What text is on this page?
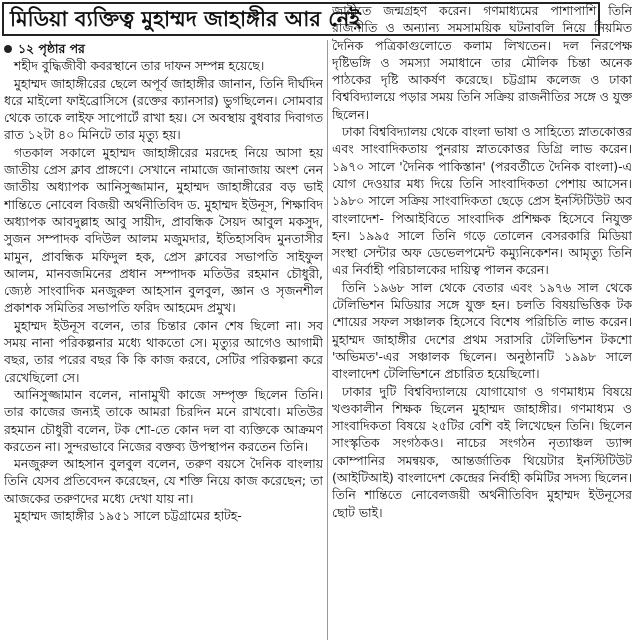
মিডিয়া ব্যক্তিত্ব মুহাম্মদ জাহাঙ্গীর আর নেই

১২ পৃষ্ঠার পর

শহীদ বুদ্ধিজীবী কবরস্থানে তার দাফন সম্পন্ন হয়েছে।

মুহাম্মদ জাহাঙ্গীরের ছেলে অপূর্ব জাহাঙ্গীর জানান, তিনি দীর্ঘদিন ধরে মাইলো ফাইব্রোসিসে (রক্তের ক্যানসার) ভুগছিলেন। সোমবার থেকে তাকে লাইফ সাপোর্টে রাখা হয়। সে অবস্থায় বুধবার দিবাগত রাত ১২টা ৪০ মিনিটে তার মৃত্যু হয়।

গতকাল সকালে মুহাম্মদ জাহাঙ্গীরের মরদেহ নিয়ে আসা হয় জাতীয় প্রেস ক্লাব প্রাঙ্গণে। সেখানে নামাজে জানাজায় অংশ নেন জাতীয় অধ্যাপক আনিসুজ্জামান, মুহাম্মদ জাহাঙ্গীরের বড় ভাই শান্তিতে নোবেল বিজয়ী অর্থনীতিবিদ ড. মুহাম্মদ ইউনূস, শিক্ষাবিদ অধ্যাপক আবদুল্লাহ আবু সায়ীদ, প্রাবন্ধিক সৈয়দ আবুল মকসুদ, সুজন সম্পাদক বদিউল আলম মজুমদার, ইতিহাসবিদ মুনতাসীর মামুন, প্রাবন্ধিক মফিদুল হক, প্রেস ক্লাবের সভাপতি সাইফুল আলম, মানবজমিনের প্রধান সম্পাদক মতিউর রহমান চৌধুরী, জ্যেষ্ঠ সাংবাদিক মনজুরুল আহসান বুলবুল, জ্ঞান ও সৃজনশীল প্রকাশক সমিতির সভাপতি ফরিদ আহমেদ প্রমুখ।

মুহাম্মদ ইউনূস বলেন, তার চিন্তার কোন শেষ ছিলো না। সব সময় নানা পরিকল্পনার মধ্যে থাকতো সে। মৃত্যুর আগেও আগামী বছর, তার পরের বছর কি কি কাজ করবে, সেটির পরিকল্পনা করে রেখেছিলো সে।

আনিসুজ্জামান বলেন, নানামুখী কাজে সম্পৃক্ত ছিলেন তিনি। তার কাজের জন্যই তাকে আমরা চিরদিন মনে রাখবো। মতিউর রহমান চৌধুরী বলেন, টক শো-তে কোন দল বা ব্যক্তিকে আক্রমণ করতেন না। সুন্দরভাবে নিজের বক্তব্য উপস্থাপন করতেন তিনি।

মনজুরুল আহসান বুলবুল বলেন, তরুণ বয়সে দৈনিক বাংলায় তিনি যেসব প্রতিবেদন করেছেন, যে শক্তি নিয়ে কাজ করেছেন; তা আজকের তরুণদের মধ্যে দেখা যায় না।

মুহাম্মদ জাহাঙ্গীর ১৯৫১ সালে চট্টগ্রামের হাটহ-

জারীতে জন্মগ্রহণ করেন। গণমাধ্যমের পাশাপাশি তিনি রাজনীতি ও অন্যান্য সমসাময়িক ঘটনাবলি নিয়ে নিয়মিত দৈনিক পত্রিকাগুলোতে কলাম লিখতেন। দল নিরপেক্ষ দৃষ্টিভঙ্গি ও সমস্যা সমাধানে তার মৌলিক চিন্তা অনেক পাঠকের দৃষ্টি আকর্ষণ করেছে। চট্টগ্রাম কলেজ ও ঢাকা বিশ্ববিদ্যালয়ে পড়ার সময় তিনি সক্রিয় রাজনীতির সঙ্গে ও যুক্ত ছিলেন।

ঢাকা বিশ্ববিদ্যালয় থেকে বাংলা ভাষা ও সাহিত্যে স্নাতকোত্তর এবং সাংবাদিকতায় পুনরায় স্নাতকোত্তর ডিগ্রি লাভ করেন। ১৯৭০ সালে 'দৈনিক পাকিস্তান' (পরবর্তীতে দৈনিক বাংলা)-এ যোগ দেওয়ার মধ্য দিয়ে তিনি সাংবাদিকতা পেশায় আসেন। ১৯৮০ সালে সক্রিয় সাংবাদিকতা ছেড়ে প্রেস ইনস্টিটিউট অব বাংলাদেশ- পিআইবিতে সাংবাদিক প্রশিক্ষক হিসেবে নিযুক্ত হন। ১৯৯৫ সালে তিনি গড়ে তোলেন বেসরকারি মিডিয়া সংস্থা সেন্টার অফ ডেভেলপমেন্ট কম্যুনিকেশন। আমৃত্যু তিনি এর নির্বাহী পরিচালকের দায়িত্ব পালন করেন।

তিনি ১৯৬৮ সাল থেকে বেতার এবং ১৯৭৬ সাল থেকে টেলিভিশন মিডিয়ার সঙ্গে যুক্ত হন। চলতি বিষয়ভিত্তিক টক শোয়ের সফল সঞ্চালক হিসেবে বিশেষ পরিচিতি লাভ করেন। মুহাম্মদ জাহাঙ্গীর দেশের প্রথম সরাসরি টেলিভিশন টকশো 'অভিমত'-এর সঞ্চালক ছিলেন। অনুষ্ঠানটি ১৯৯৮ সালে বাংলাদেশ টেলিভিশনে প্রচারিত হয়েছিলো।

ঢাকার দুটি বিশ্ববিদ্যালয়ে যোগাযোগ ও গণমাধ্যম বিষয়ে খণ্ডকালীন শিক্ষক ছিলেন মুহাম্মদ জাহাঙ্গীর। গণমাধ্যম ও সাংবাদিকতা বিষয়ে ২৫টির বেশি বই লিখেছেন তিনি। ছিলেন সাংস্কৃতিক সংগঠকও। নাচের সংগঠন নৃত্যাঞ্চল ড্যান্স কোম্পানির সমন্বয়ক, আন্তর্জাতিক থিয়েটার ইনস্টিটিউট (আইটিআই) বাংলাদেশ কেন্দ্রের নির্বাহী কমিটির সদস্য ছিলেন। তিনি শান্তিতে নোবেলজয়ী অর্থনীতিবিদ মুহাম্মদ ইউনূসের ছোট ভাই।
